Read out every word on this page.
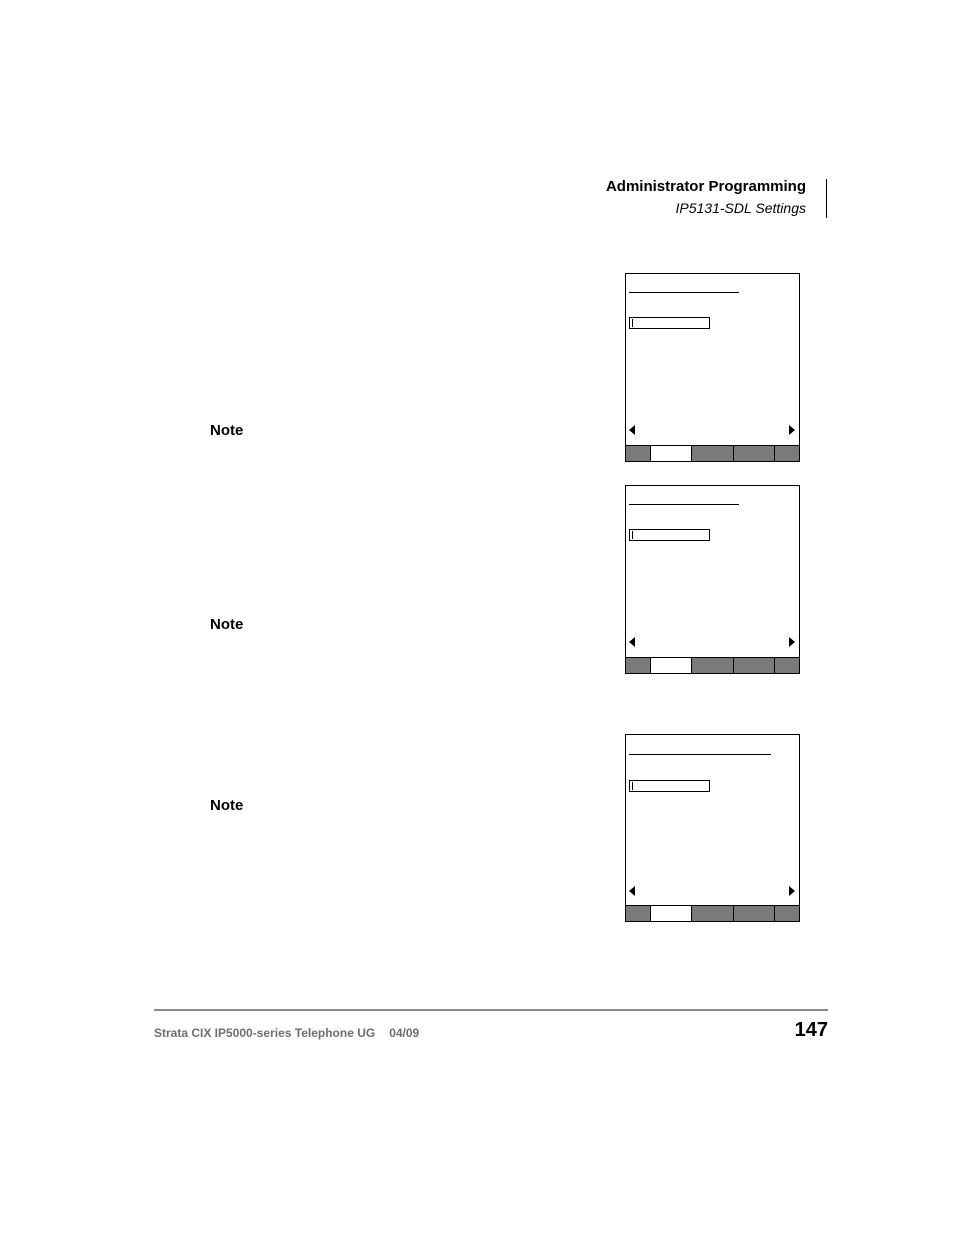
Administrator Programming
IP5131-SDL Settings
Note
Note
Note
Strata CIX IP5000-series Telephone UG 04/09	147
